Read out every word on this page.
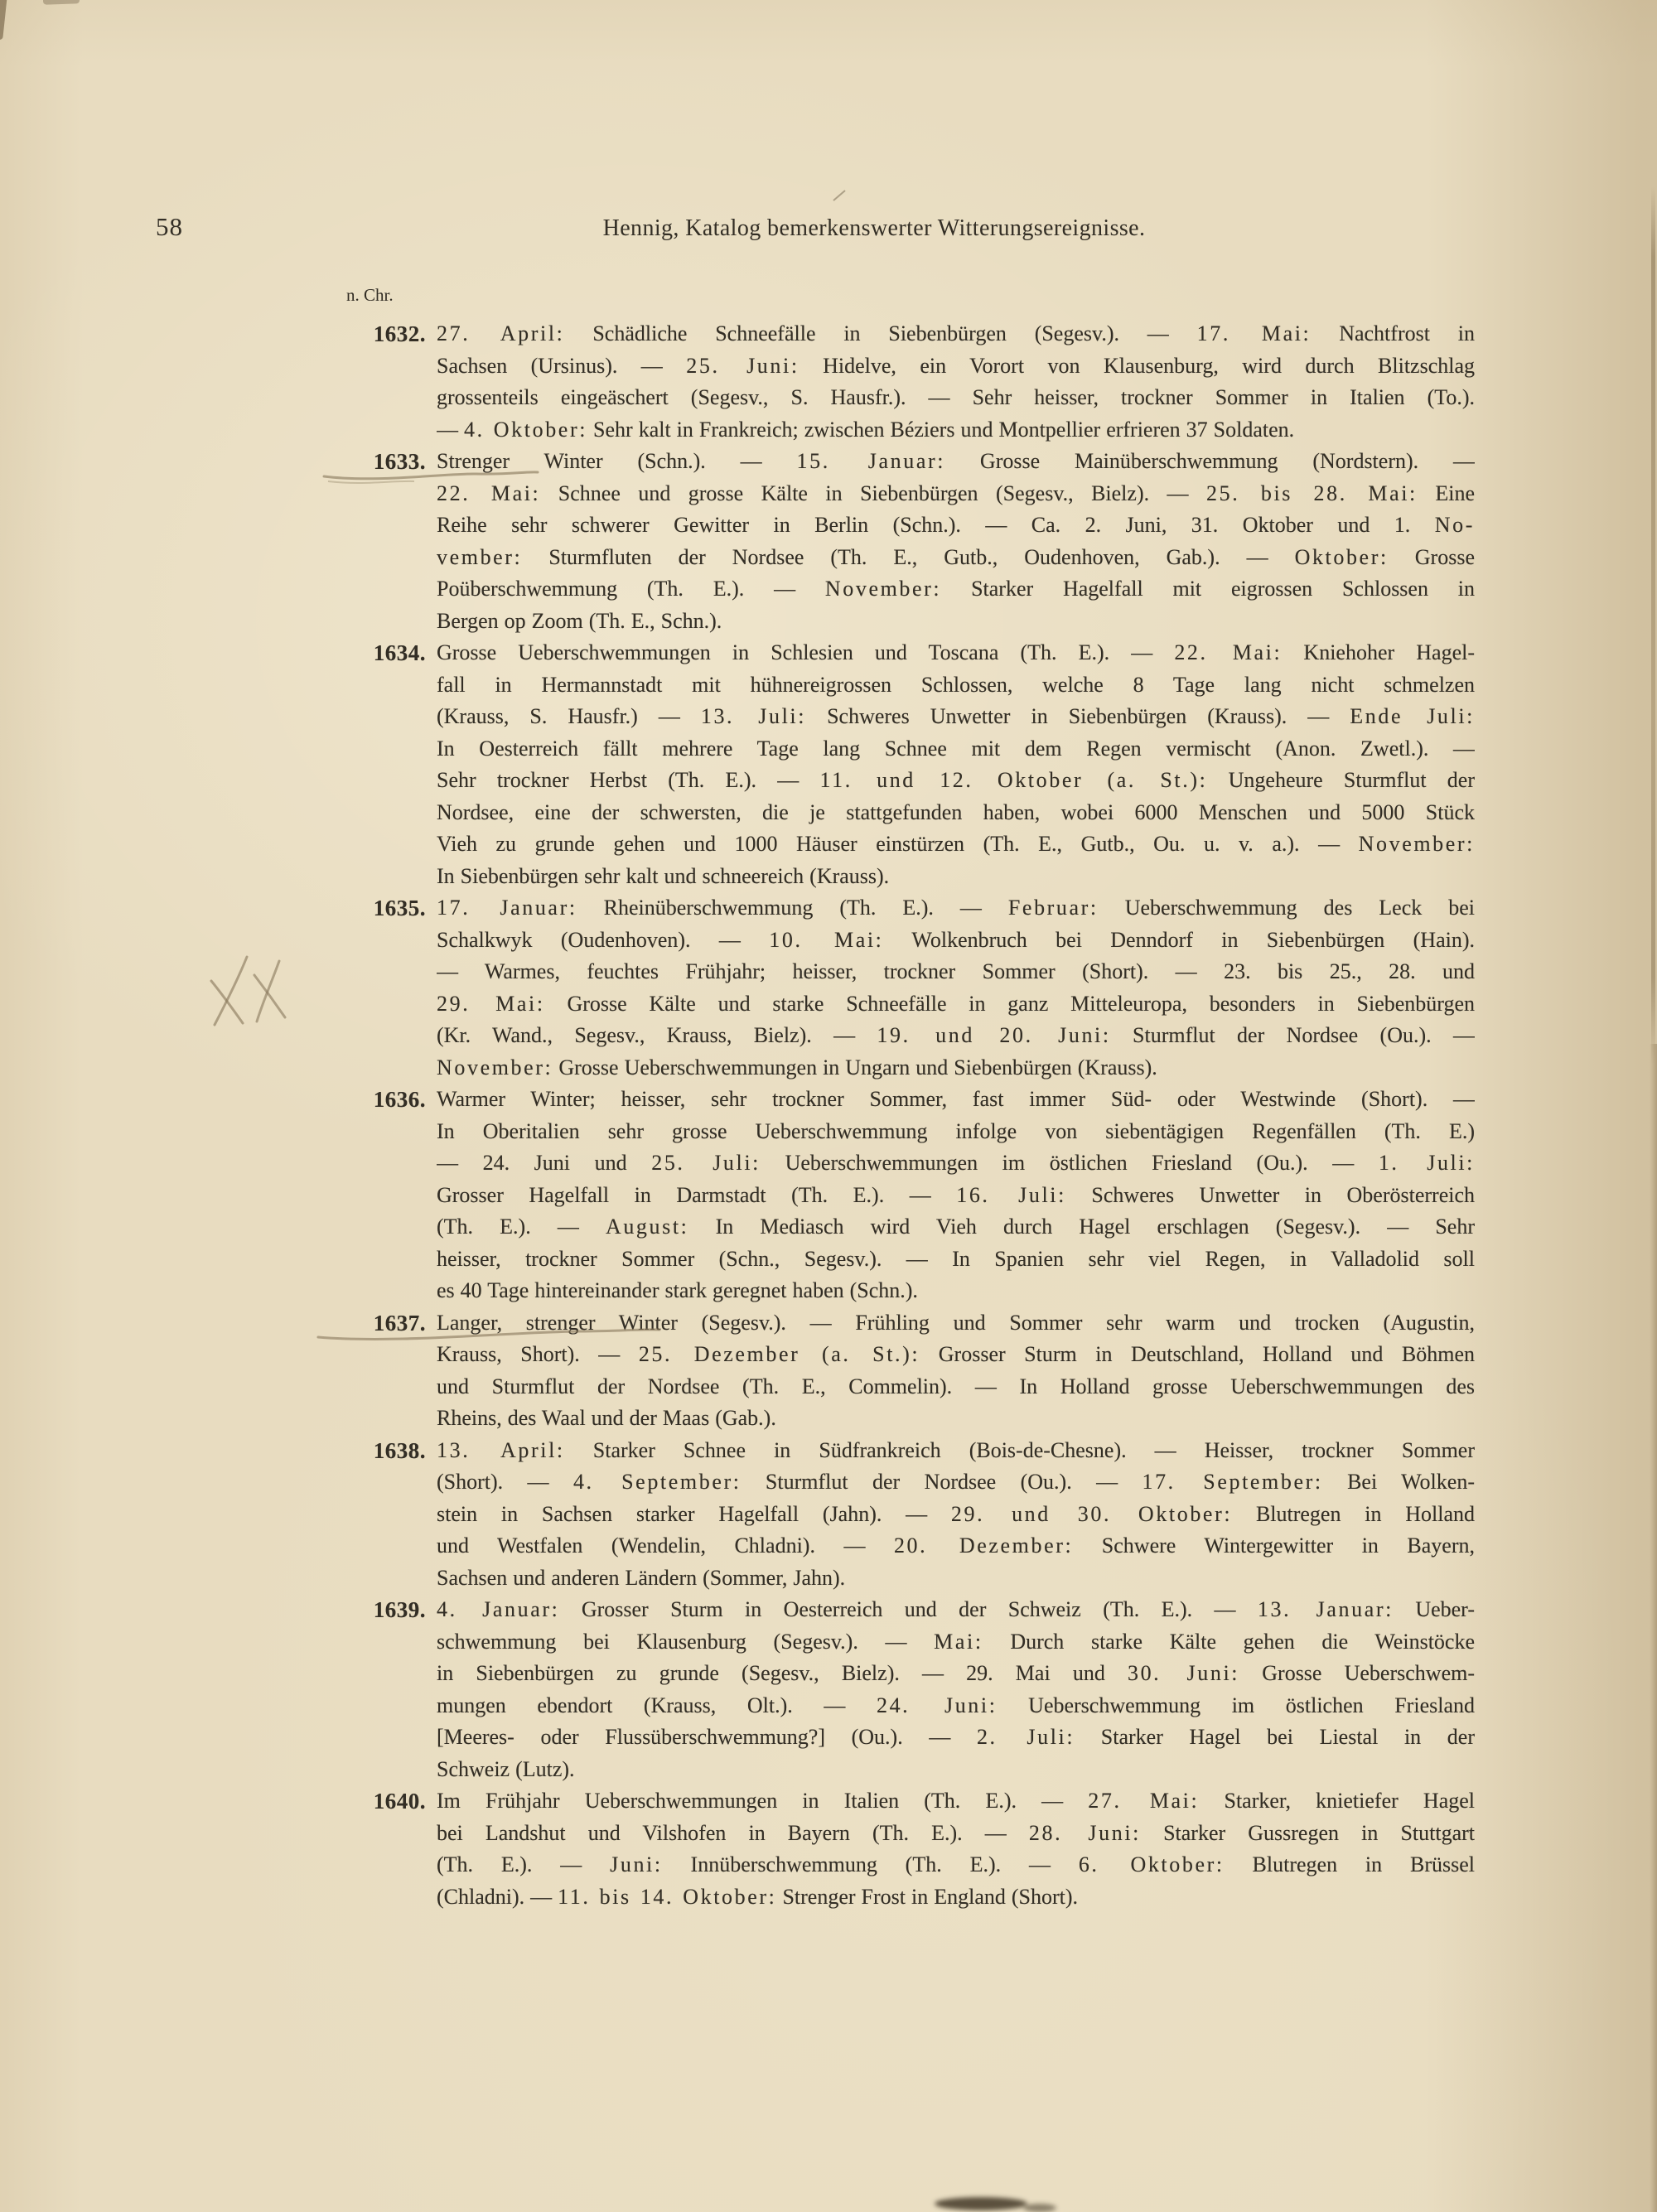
58	Hennig, Katalog bemerkenswerter Witterungsereignisse.
n. Chr.
1632. 27. April: Schädliche Schneefälle in Siebenbürgen (Segesv.). — 17. Mai: Nachtfrost in
Sachsen (Ursinus). — 25. Juni: Hidelve, ein Vorort von Klausenburg, wird durch Blitzschlag
grossenteils eingeäschert (Segesv., S. Hausfr.). — Sehr heisser, trockner Sommer in Italien (To.).
— 4. Oktober: Sehr kalt in Frankreich; zwischen Béziers und Montpellier erfrieren 37 Soldaten.
1633. Strenger Winter (Schn.). — 15. Januar: Grosse Mainüberschwemmung (Nordstern). —
22. Mai: Schnee und grosse Kälte in Siebenbürgen (Segesv., Bielz). — 25. bis 28. Mai: Eine
Reihe sehr schwerer Gewitter in Berlin (Schn.). — Ca. 2. Juni, 31. Oktober und 1. No-
vember: Sturmfluten der Nordsee (Th. E., Gutb., Oudenhoven, Gab.). — Oktober: Grosse
Poüberschwemmung (Th. E.). — November: Starker Hagelfall mit eigrossen Schlossen in
Bergen op Zoom (Th. E., Schn.).
1634. Grosse Ueberschwemmungen in Schlesien und Toscana (Th. E.). — 22. Mai: Kniehoher Hagel-
fall in Hermannstadt mit hühnereigrossen Schlossen, welche 8 Tage lang nicht schmelzen
(Krauss, S. Hausfr.) — 13. Juli: Schweres Unwetter in Siebenbürgen (Krauss). — Ende Juli:
In Oesterreich fällt mehrere Tage lang Schnee mit dem Regen vermischt (Anon. Zwetl.). —
Sehr trockner Herbst (Th. E.). — 11. und 12. Oktober (a. St.): Ungeheure Sturmflut der
Nordsee, eine der schwersten, die je stattgefunden haben, wobei 6000 Menschen und 5000 Stück
Vieh zu grunde gehen und 1000 Häuser einstürzen (Th. E., Gutb., Ou. u. v. a.). — November:
In Siebenbürgen sehr kalt und schneereich (Krauss).
1635. 17. Januar: Rheinüberschwemmung (Th. E.). — Februar: Ueberschwemmung des Leck bei
Schalkwyk (Oudenhoven). — 10. Mai: Wolkenbruch bei Denndorf in Siebenbürgen (Hain).
— Warmes, feuchtes Frühjahr; heisser, trockner Sommer (Short). — 23. bis 25., 28. und
29. Mai: Grosse Kälte und starke Schneefälle in ganz Mitteleuropa, besonders in Siebenbürgen
(Kr. Wand., Segesv., Krauss, Bielz). — 19. und 20. Juni: Sturmflut der Nordsee (Ou.). —
November: Grosse Ueberschwemmungen in Ungarn und Siebenbürgen (Krauss).
1636. Warmer Winter; heisser, sehr trockner Sommer, fast immer Süd- oder Westwinde (Short). —
In Oberitalien sehr grosse Ueberschwemmung infolge von siebentägigen Regenfällen (Th. E.)
— 24. Juni und 25. Juli: Ueberschwemmungen im östlichen Friesland (Ou.). — 1. Juli:
Grosser Hagelfall in Darmstadt (Th. E.). — 16. Juli: Schweres Unwetter in Oberösterreich
(Th. E.). — August: In Mediasch wird Vieh durch Hagel erschlagen (Segesv.). — Sehr
heisser, trockner Sommer (Schn., Segesv.). — In Spanien sehr viel Regen, in Valladolid soll
es 40 Tage hintereinander stark geregnet haben (Schn.).
1637. Langer, strenger Winter (Segesv.). — Frühling und Sommer sehr warm und trocken (Augustin,
Krauss, Short). — 25. Dezember (a. St.): Grosser Sturm in Deutschland, Holland und Böhmen
und Sturmflut der Nordsee (Th. E., Commelin). — In Holland grosse Ueberschwemmungen des
Rheins, des Waal und der Maas (Gab.).
1638. 13. April: Starker Schnee in Südfrankreich (Bois-de-Chesne). — Heisser, trockner Sommer
(Short). — 4. September: Sturmflut der Nordsee (Ou.). — 17. September: Bei Wolken-
stein in Sachsen starker Hagelfall (Jahn). — 29. und 30. Oktober: Blutregen in Holland
und Westfalen (Wendelin, Chladni). — 20. Dezember: Schwere Wintergewitter in Bayern,
Sachsen und anderen Ländern (Sommer, Jahn).
1639. 4. Januar: Grosser Sturm in Oesterreich und der Schweiz (Th. E.). — 13. Januar: Ueber-
schwemmung bei Klausenburg (Segesv.). — Mai: Durch starke Kälte gehen die Weinstöcke
in Siebenbürgen zu grunde (Segesv., Bielz). — 29. Mai und 30. Juni: Grosse Ueberschwem-
mungen ebendort (Krauss, Olt.). — 24. Juni: Ueberschwemmung im östlichen Friesland
[Meeres- oder Flussüberschwemmung?] (Ou.). — 2. Juli: Starker Hagel bei Liestal in der
Schweiz (Lutz).
1640. Im Frühjahr Ueberschwemmungen in Italien (Th. E.). — 27. Mai: Starker, knietiefer Hagel
bei Landshut und Vilshofen in Bayern (Th. E.). — 28. Juni: Starker Gussregen in Stuttgart
(Th. E.). — Juni: Innüberschwemmung (Th. E.). — 6. Oktober: Blutregen in Brüssel
(Chladni). — 11. bis 14. Oktober: Strenger Frost in England (Short).
